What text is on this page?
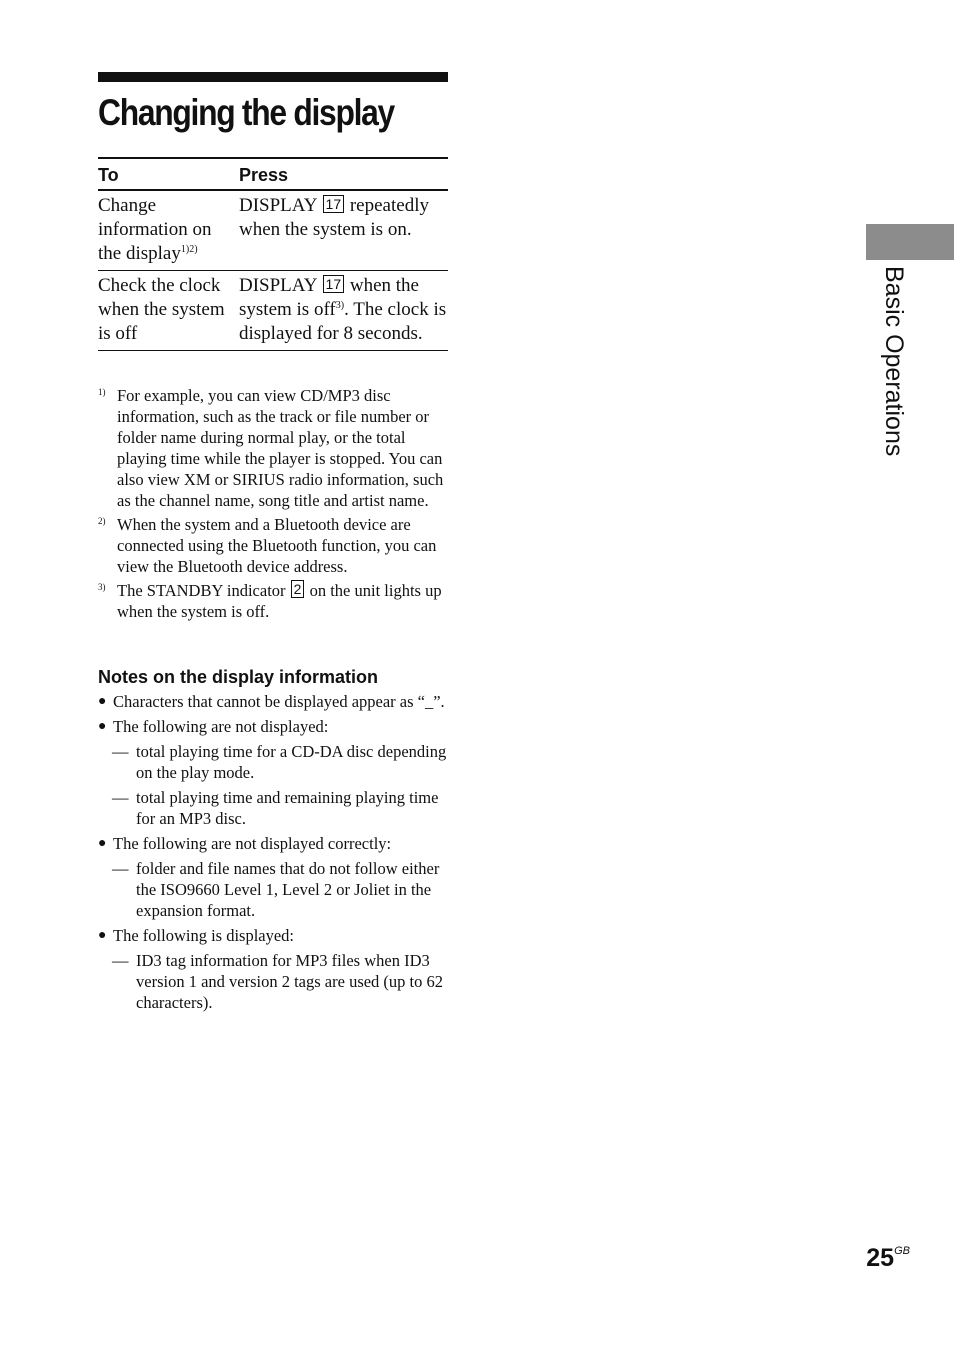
Changing the display
To	Press
Change information on the display$^{1)2)}$	DISPLAY 17 repeatedly when the system is on.
Check the clock when the system is off	DISPLAY 17 when the system is off$^{3)}$. The clock is displayed for 8 seconds.
1) For example, you can view CD/MP3 disc information, such as the track or file number or folder name during normal play, or the total playing time while the player is stopped. You can also view XM or SIRIUS radio information, such as the channel name, song title and artist name.
2) When the system and a Bluetooth device are connected using the Bluetooth function, you can view the Bluetooth device address.
3) The STANDBY indicator 2 on the unit lights up when the system is off.
Notes on the display information
● Characters that cannot be displayed appear as “_”.
● The following are not displayed:
— total playing time for a CD-DA disc depending on the play mode.
— total playing time and remaining playing time for an MP3 disc.
● The following are not displayed correctly:
— folder and file names that do not follow either the ISO9660 Level 1, Level 2 or Joliet in the expansion format.
● The following is displayed:
— ID3 tag information for MP3 files when ID3 version 1 and version 2 tags are used (up to 62 characters).
Basic Operations
$25^{GB}$
